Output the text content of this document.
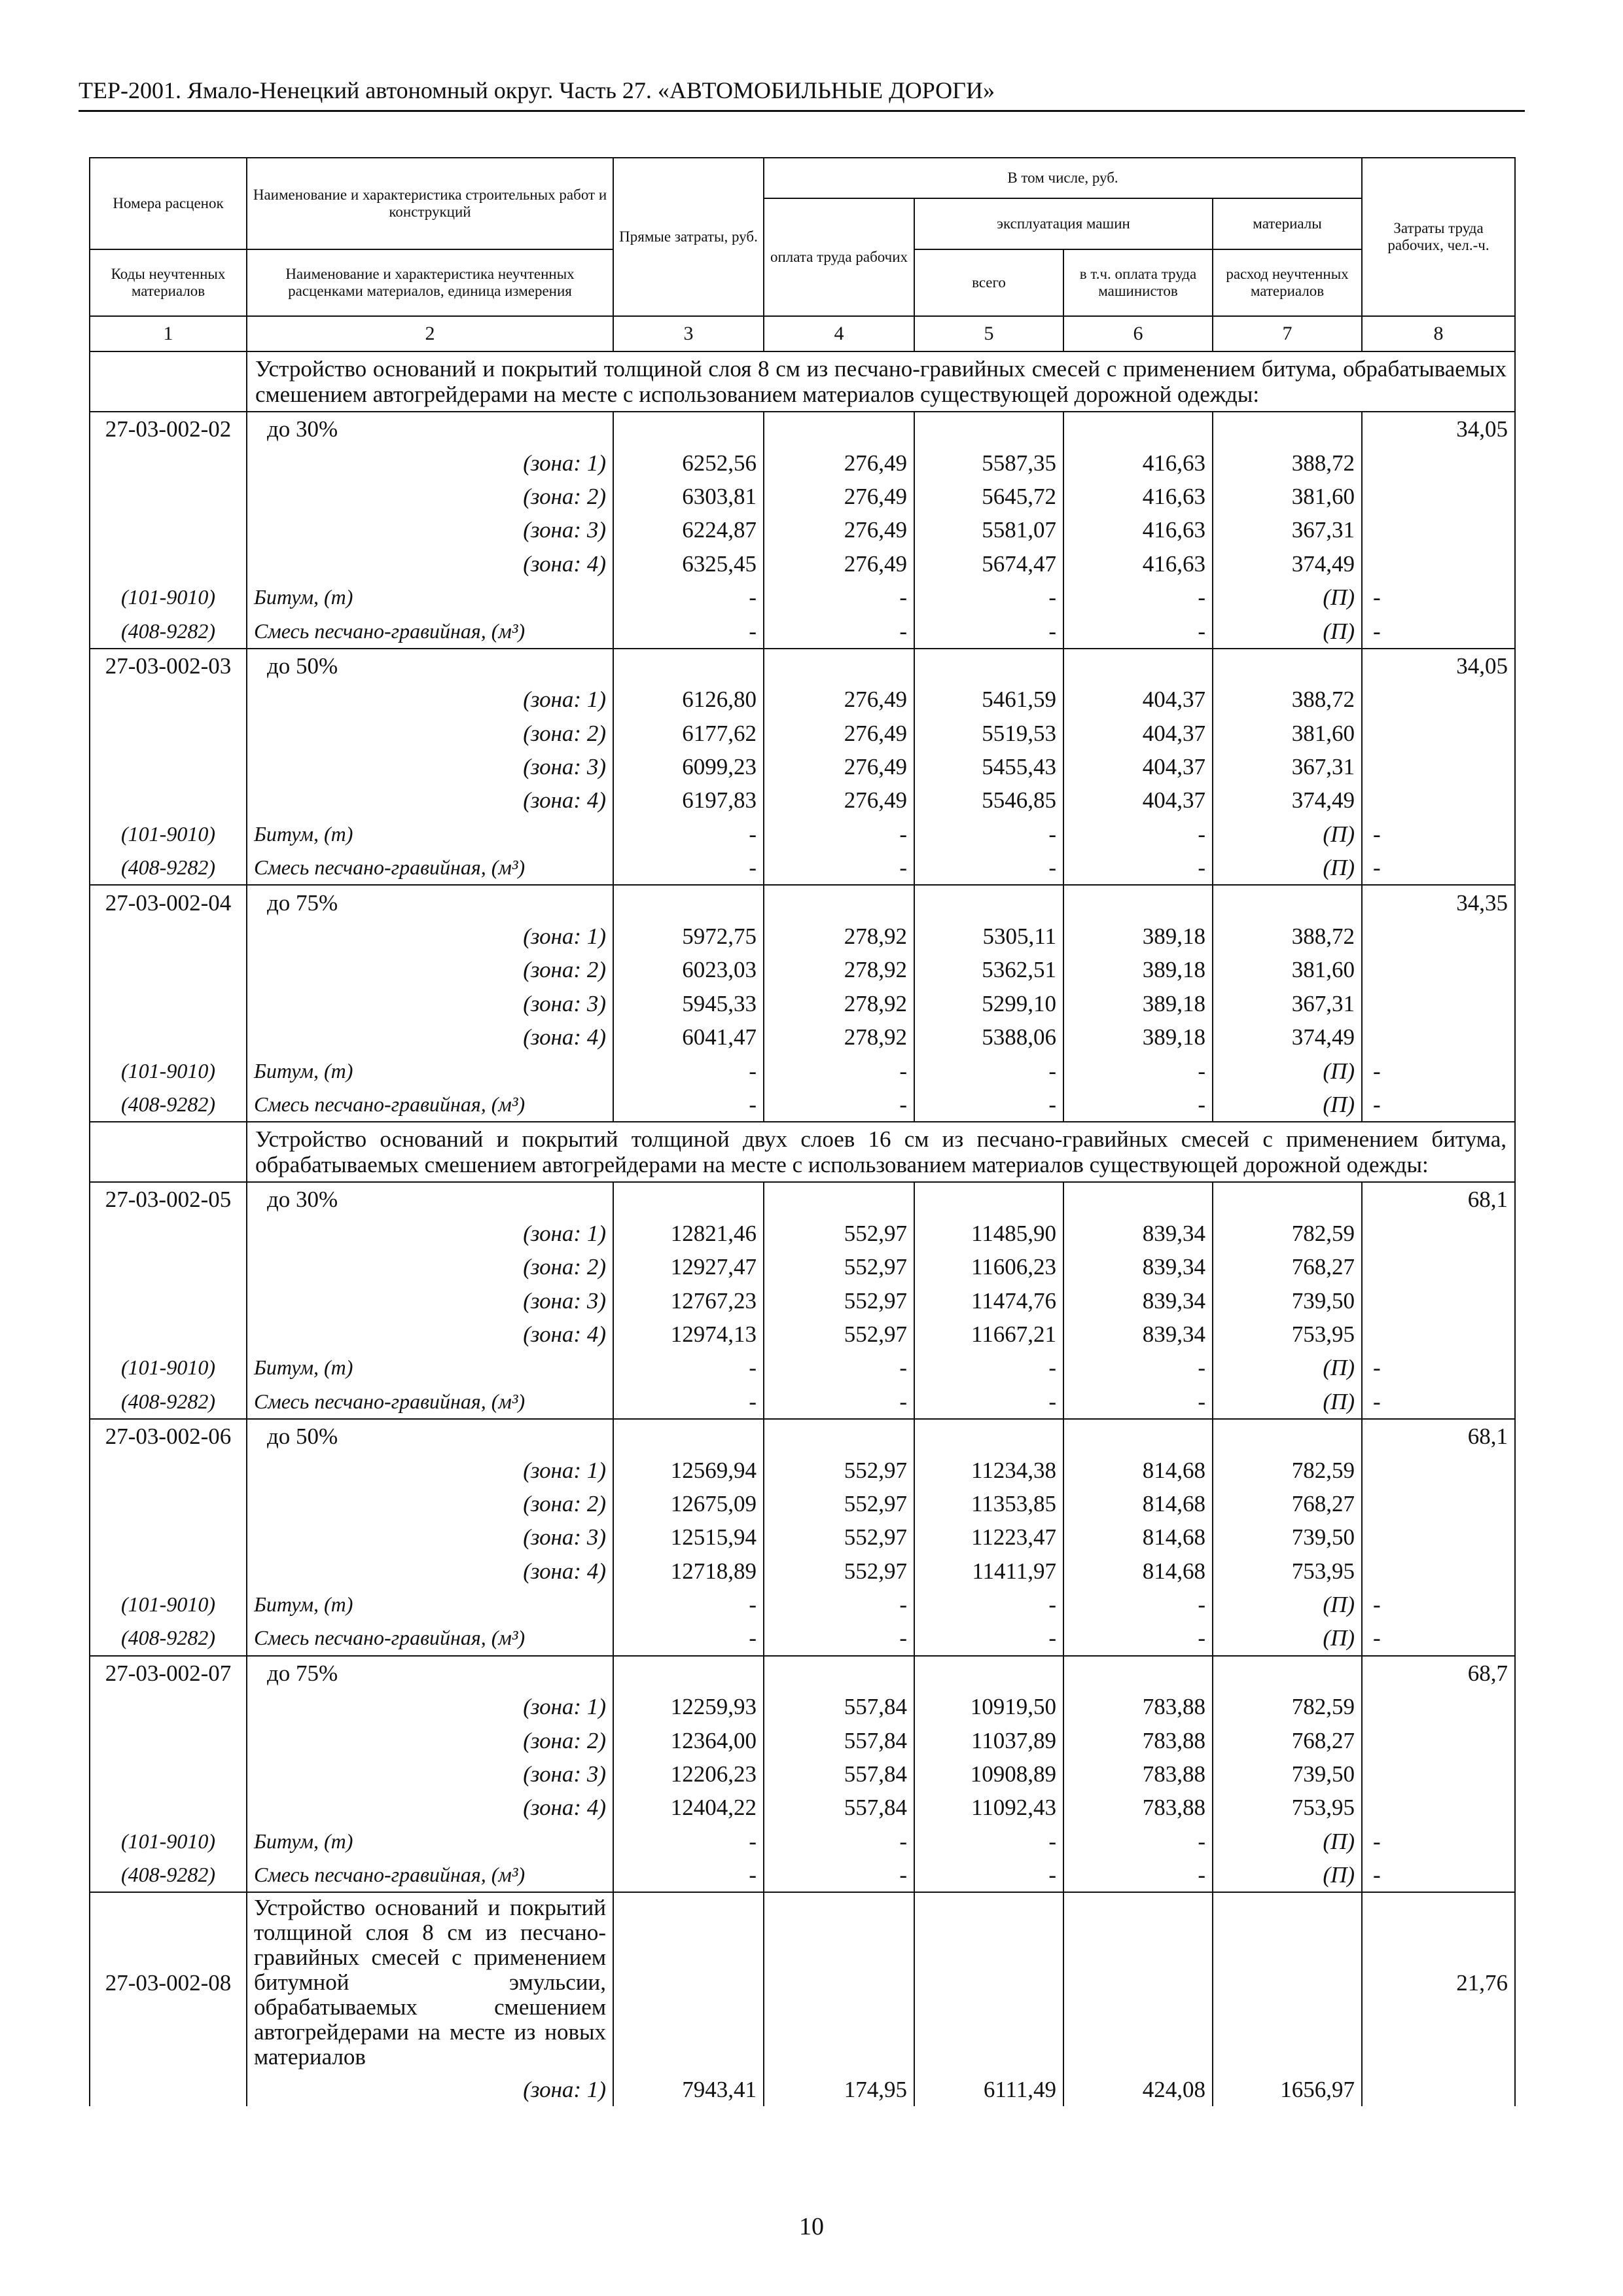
ТЕР-2001. Ямало-Ненецкий автономный округ. Часть 27. «АВТОМОБИЛЬНЫЕ ДОРОГИ»
Номера расценок	Наименование и характеристика строительных работ и конструкций	Прямые затраты, руб.	В том числе, руб.				Затраты труда рабочих, чел.-ч.
			оплата труда рабочих	эксплуатация машин		материалы	
Коды неучтенных материалов	Наименование и характеристика неучтенных расценками материалов, единица измерения			всего	в т.ч. оплата труда машинистов	расход неучтенных материалов	
1	2	3	4	5	6	7	8
	Устройство оснований и покрытий толщиной слоя 8 см из песчано-гравийных смесей с применением битума, обрабатываемых смешением автогрейдерами на месте с использованием материалов существующей дорожной одежды:						
27-03-002-02	до 30%						34,05
	(зона: 1)	6252,56	276,49	5587,35	416,63	388,72	
	(зона: 2)	6303,81	276,49	5645,72	416,63	381,60	
	(зона: 3)	6224,87	276,49	5581,07	416,63	367,31	
	(зона: 4)	6325,45	276,49	5674,47	416,63	374,49	
(101-9010)	Битум, (т)	-	-	-	-	(П)	-
(408-9282)	Смесь песчано-гравийная, (м³)	-	-	-	-	(П)	-
27-03-002-03	до 50%						34,05
	(зона: 1)	6126,80	276,49	5461,59	404,37	388,72	
	(зона: 2)	6177,62	276,49	5519,53	404,37	381,60	
	(зона: 3)	6099,23	276,49	5455,43	404,37	367,31	
	(зона: 4)	6197,83	276,49	5546,85	404,37	374,49	
(101-9010)	Битум, (т)	-	-	-	-	(П)	-
(408-9282)	Смесь песчано-гравийная, (м³)	-	-	-	-	(П)	-
27-03-002-04	до 75%						34,35
	(зона: 1)	5972,75	278,92	5305,11	389,18	388,72	
	(зона: 2)	6023,03	278,92	5362,51	389,18	381,60	
	(зона: 3)	5945,33	278,92	5299,10	389,18	367,31	
	(зона: 4)	6041,47	278,92	5388,06	389,18	374,49	
(101-9010)	Битум, (т)	-	-	-	-	(П)	-
(408-9282)	Смесь песчано-гравийная, (м³)	-	-	-	-	(П)	-
	Устройство оснований и покрытий толщиной двух слоев 16 см из песчано-гравийных смесей с применением битума, обрабатываемых смешением автогрейдерами на месте с использованием материалов существующей дорожной одежды:						
27-03-002-05	до 30%						68,1
	(зона: 1)	12821,46	552,97	11485,90	839,34	782,59	
	(зона: 2)	12927,47	552,97	11606,23	839,34	768,27	
	(зона: 3)	12767,23	552,97	11474,76	839,34	739,50	
	(зона: 4)	12974,13	552,97	11667,21	839,34	753,95	
(101-9010)	Битум, (т)	-	-	-	-	(П)	-
(408-9282)	Смесь песчано-гравийная, (м³)	-	-	-	-	(П)	-
27-03-002-06	до 50%						68,1
	(зона: 1)	12569,94	552,97	11234,38	814,68	782,59	
	(зона: 2)	12675,09	552,97	11353,85	814,68	768,27	
	(зона: 3)	12515,94	552,97	11223,47	814,68	739,50	
	(зона: 4)	12718,89	552,97	11411,97	814,68	753,95	
(101-9010)	Битум, (т)	-	-	-	-	(П)	-
(408-9282)	Смесь песчано-гравийная, (м³)	-	-	-	-	(П)	-
27-03-002-07	до 75%						68,7
	(зона: 1)	12259,93	557,84	10919,50	783,88	782,59	
	(зона: 2)	12364,00	557,84	11037,89	783,88	768,27	
	(зона: 3)	12206,23	557,84	10908,89	783,88	739,50	
	(зона: 4)	12404,22	557,84	11092,43	783,88	753,95	
(101-9010)	Битум, (т)	-	-	-	-	(П)	-
(408-9282)	Смесь песчано-гравийная, (м³)	-	-	-	-	(П)	-
27-03-002-08	Устройство оснований и покрытий толщиной слоя 8 см из песчано-гравийных смесей с применением битумной эмульсии, обрабатываемых смешением автогрейдерами на месте из новых материалов						21,76
	(зона: 1)	7943,41	174,95	6111,49	424,08	1656,97	
10
